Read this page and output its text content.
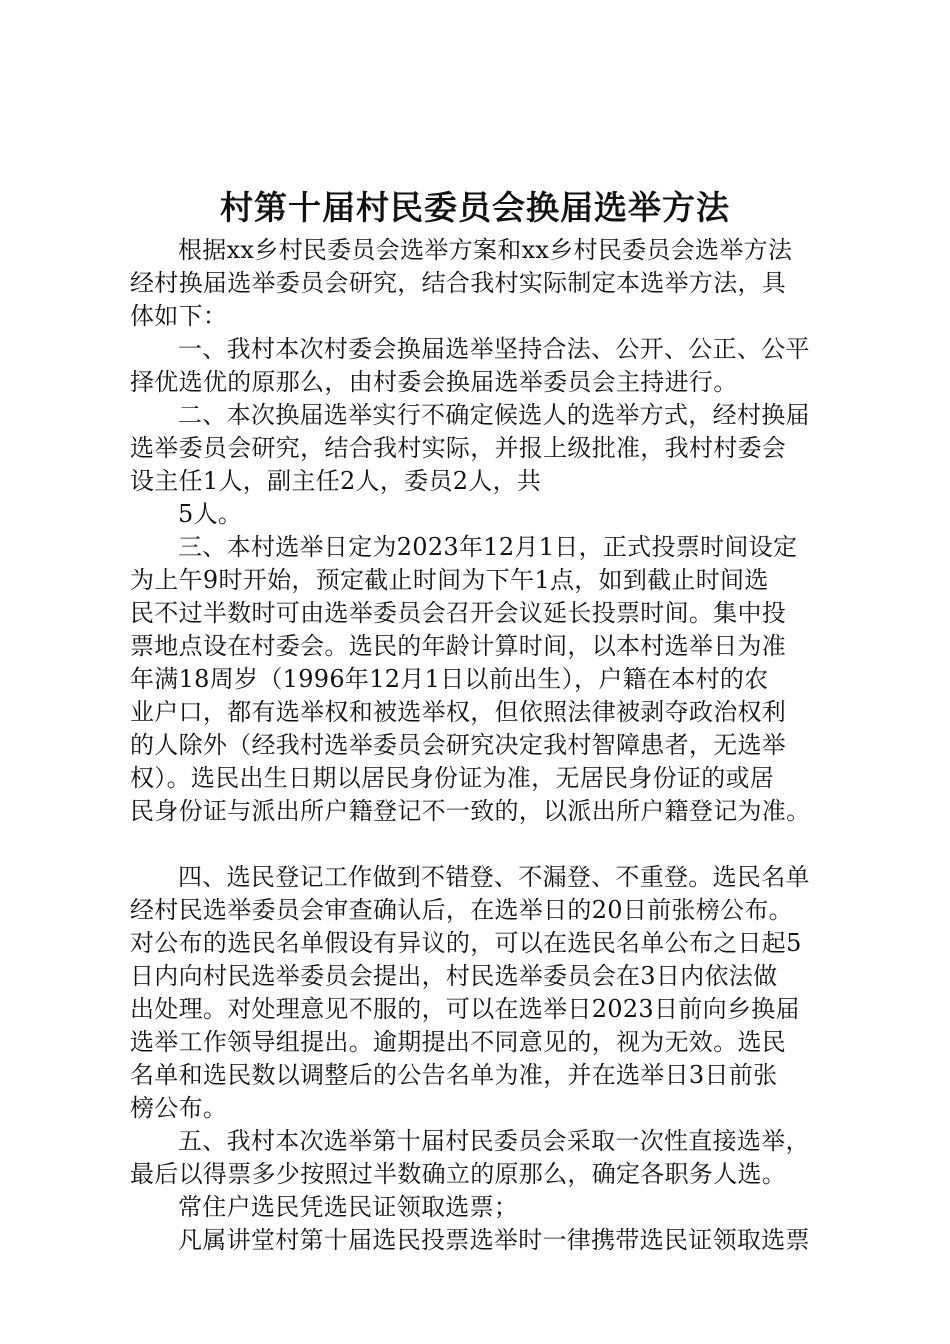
村第十届村民委员会换届选举方法
根据xx乡村民委员会选举方案和xx乡村民委员会选举方法
经村换届选举委员会研究，结合我村实际制定本选举方法，具
体如下：
一、我村本次村委会换届选举坚持合法、公开、公正、公平
择优选优的原那么，由村委会换届选举委员会主持进行。
二、本次换届选举实行不确定候选人的选举方式，经村换届
选举委员会研究，结合我村实际，并报上级批准，我村村委会
设主任1人，副主任2人，委员2人，共
5人。
三、本村选举日定为2023年12月1日，正式投票时间设定
为上午9时开始，预定截止时间为下午1点，如到截止时间选
民不过半数时可由选举委员会召开会议延长投票时间。集中投
票地点设在村委会。选民的年龄计算时间，以本村选举日为准
年满18周岁（1996年12月1日以前出生），户籍在本村的农
业户口，都有选举权和被选举权，但依照法律被剥夺政治权利
的人除外（经我村选举委员会研究决定我村智障患者，无选举
权）。选民出生日期以居民身份证为准，无居民身份证的或居
民身份证与派出所户籍登记不一致的，以派出所户籍登记为准。
四、选民登记工作做到不错登、不漏登、不重登。选民名单
经村民选举委员会审查确认后，在选举日的20日前张榜公布。
对公布的选民名单假设有异议的，可以在选民名单公布之日起5
日内向村民选举委员会提出，村民选举委员会在3日内依法做
出处理。对处理意见不服的，可以在选举日2023日前向乡换届
选举工作领导组提出。逾期提出不同意见的，视为无效。选民
名单和选民数以调整后的公告名单为准，并在选举日3日前张
榜公布。
五、我村本次选举第十届村民委员会采取一次性直接选举，
最后以得票多少按照过半数确立的原那么，确定各职务人选。
常住户选民凭选民证领取选票；
凡属讲堂村第十届选民投票选举时一律携带选民证领取选票
